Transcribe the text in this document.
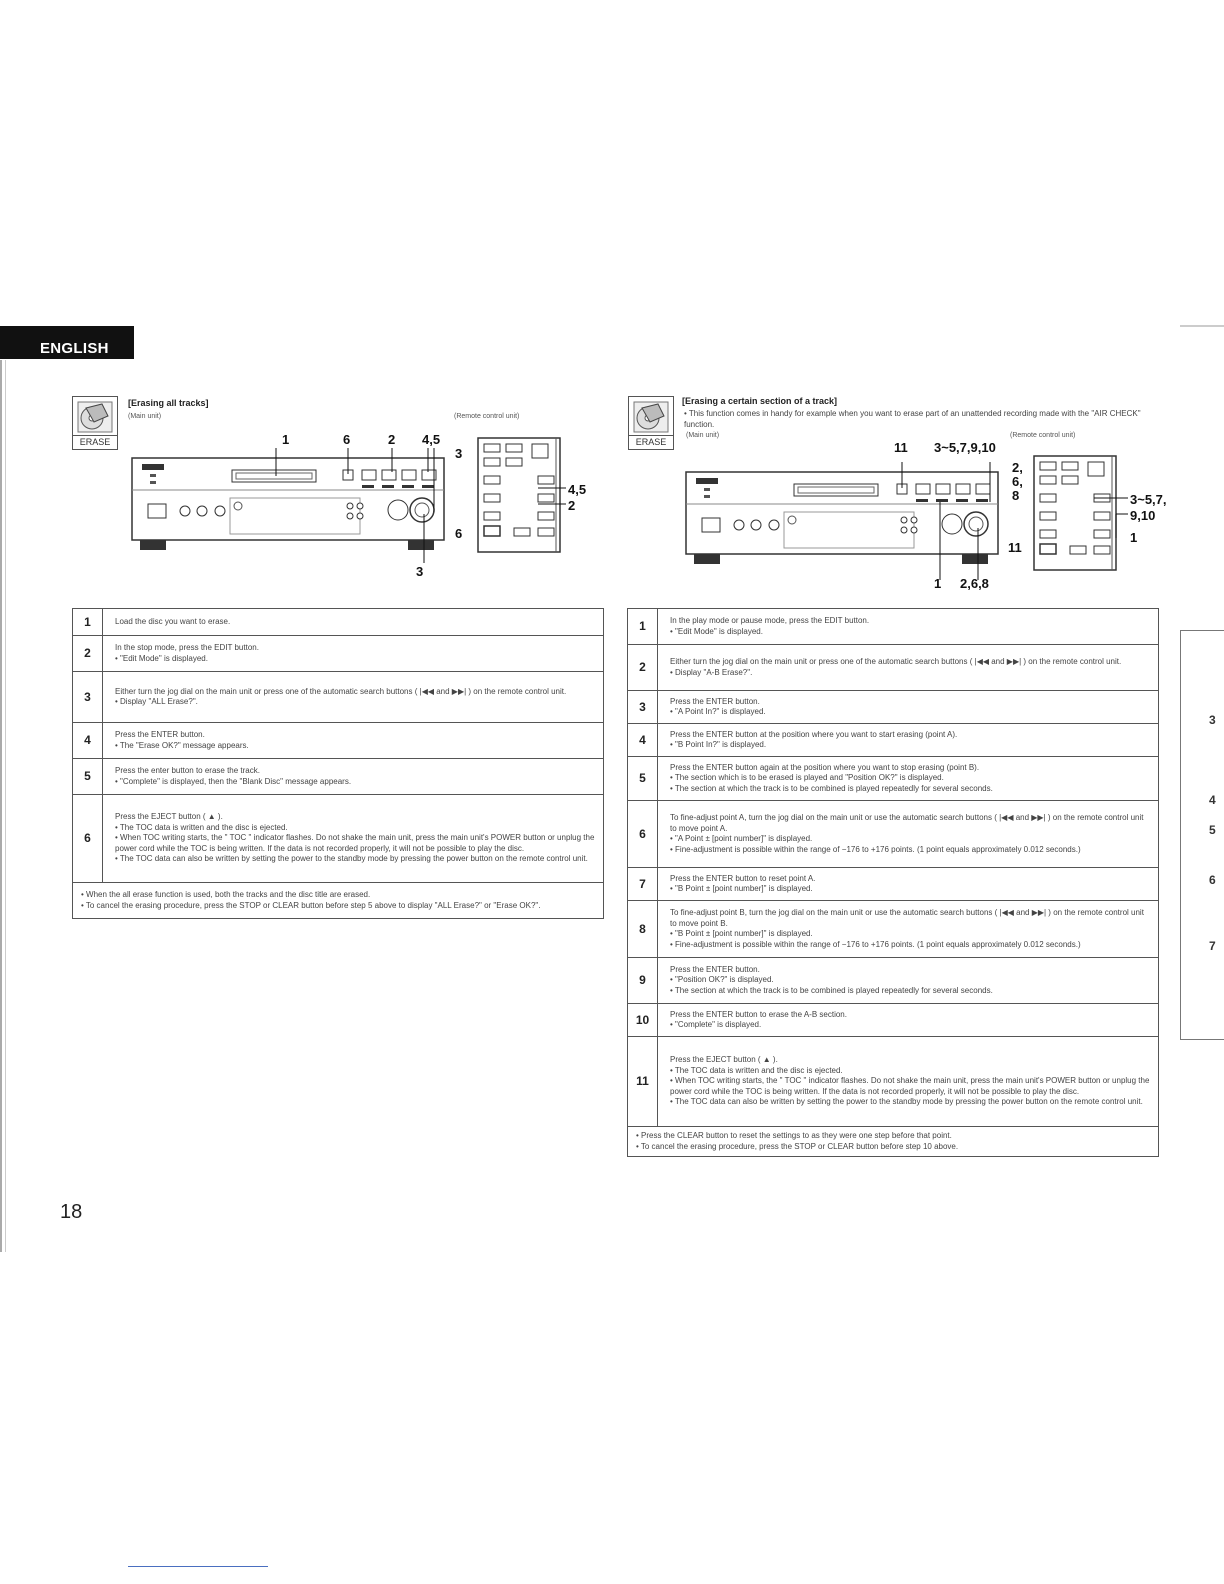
ENGLISH
3
4
5
6
7
18
ERASE
[Erasing all tracks]
(Main unit)	(Remote control unit)
1	6	2 4,5
3
3
4,5
2
6
1	Load the disc you want to erase.

2	In the stop mode, press the EDIT button.
• "Edit Mode" is displayed.

3	Either turn the jog dial on the main unit or press one of the automatic search buttons ( |◀◀ and ▶▶| ) on the remote control unit.
• Display "ALL Erase?".

4	Press the ENTER button.
• The "Erase OK?" message appears.

5	Press the enter button to erase the track.
• "Complete" is displayed, then the "Blank Disc" message appears.

6	Press the EJECT button ( ▲ ).
• The TOC data is written and the disc is ejected.
• When TOC writing starts, the " TOC " indicator flashes. Do not shake the main unit, press the main unit's POWER button or unplug the power cord while the TOC is being written. If the data is not recorded properly, it will not be possible to play the disc.
• The TOC data can also be written by setting the power to the standby mode by pressing the power button on the remote control unit.

• When the all erase function is used, both the tracks and the disc title are erased.
• To cancel the erasing procedure, press the STOP or CLEAR button before step 5 above to display "ALL Erase?" or "Erase OK?".	
ERASE
[Erasing a certain section of a track]
• This function comes in handy for example when you want to erase part of an unattended recording made with the "AIR CHECK" function.
(Main unit)	(Remote control unit)
11 3~5,7,9,10
1 2,6,8
2,
6,
8	3~5,7,
9,10
1
11
1	In the play mode or pause mode, press the EDIT button.
• "Edit Mode" is displayed.

2	Either turn the jog dial on the main unit or press one of the automatic search buttons ( |◀◀ and ▶▶| ) on the remote control unit.
• Display "A-B Erase?".

3	Press the ENTER button.
• "A Point In?" is displayed.

4	Press the ENTER button at the position where you want to start erasing (point A).
• "B Point In?" is displayed.

5	Press the ENTER button again at the position where you want to stop erasing (point B).
• The section which is to be erased is played and "Position OK?" is displayed.
• The section at which the track is to be combined is played repeatedly for several seconds.

6	To fine-adjust point A, turn the jog dial on the main unit or use the automatic search buttons ( |◀◀ and ▶▶| ) on the remote control unit to move point A.
• "A Point ± [point number]" is displayed.
• Fine-adjustment is possible within the range of −176 to +176 points. (1 point equals approximately 0.012 seconds.)

7	Press the ENTER button to reset point A.
• "B Point ± [point number]" is displayed.

8	To fine-adjust point B, turn the jog dial on the main unit or use the automatic search buttons ( |◀◀ and ▶▶| ) on the remote control unit to move point B.
• "B Point ± [point number]" is displayed.
• Fine-adjustment is possible within the range of −176 to +176 points. (1 point equals approximately 0.012 seconds.)

9	Press the ENTER button.
• "Position OK?" is displayed.
• The section at which the track is to be combined is played repeatedly for several seconds.

10	Press the ENTER button to erase the A-B section.
• "Complete" is displayed.

11	Press the EJECT button ( ▲ ).
• The TOC data is written and the disc is ejected.
• When TOC writing starts, the " TOC " indicator flashes. Do not shake the main unit, press the main unit's POWER button or unplug the power cord while the TOC is being written. If the data is not recorded properly, it will not be possible to play the disc.
• The TOC data can also be written by setting the power to the standby mode by pressing the power button on the remote control unit.

• Press the CLEAR button to reset the settings to as they were one step before that point.
• To cancel the erasing procedure, press the STOP or CLEAR button before step 10 above.	
